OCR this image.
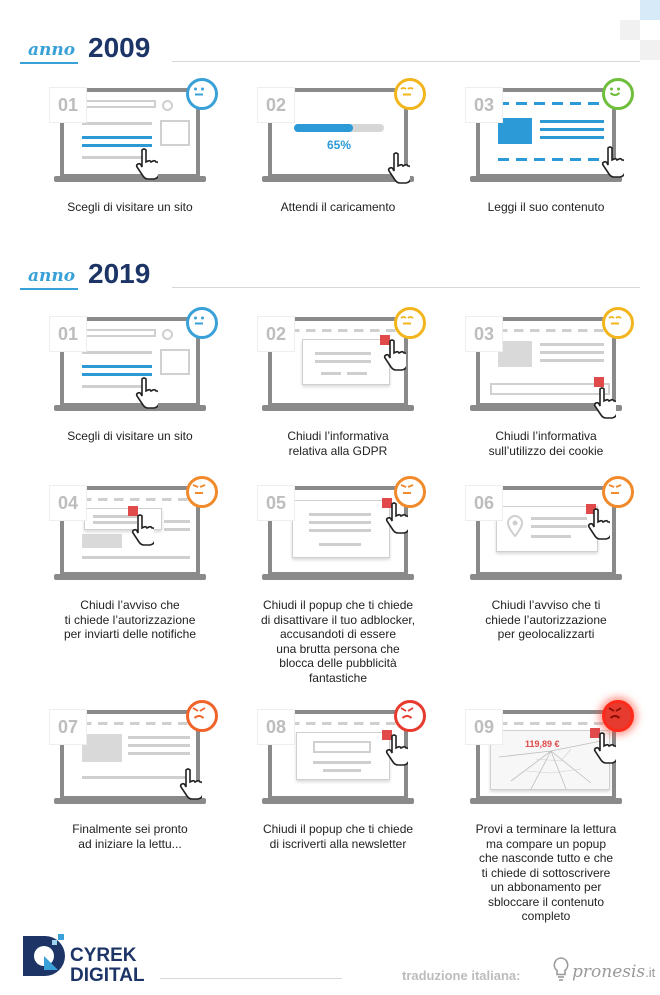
anno 2009
01
Scegli di visitare un sito
02
65%
Attendi il caricamento
03
Leggi il suo contenuto
anno 2019
01
Scegli di visitare un sito
02
Chiudi l’informativa
relativa alla GDPR
03
Chiudi l’informativa
sull’utilizzo dei cookie
04
Chiudi l’avviso che
ti chiede l’autorizzazione
per inviarti delle notifiche
05
Chiudi il popup che ti chiede
di disattivare il tuo adblocker,
accusandoti di essere
una brutta persona che
blocca delle pubblicità
fantastiche
06
Chiudi l’avviso che ti
chiede l’autorizzazione
per geolocalizzarti
07
Finalmente sei pronto
ad iniziare la lettu...
08
Chiudi il popup che ti chiede
di iscriverti alla newsletter
09
119,89 €
Provi a terminare la lettura
ma compare un popup
che nasconde tutto e che
ti chiede di sottoscrivere
un abbonamento per
sbloccare il contenuto
completo
CYREK
DIGITAL	traduzione italiana:	pronesis.it
